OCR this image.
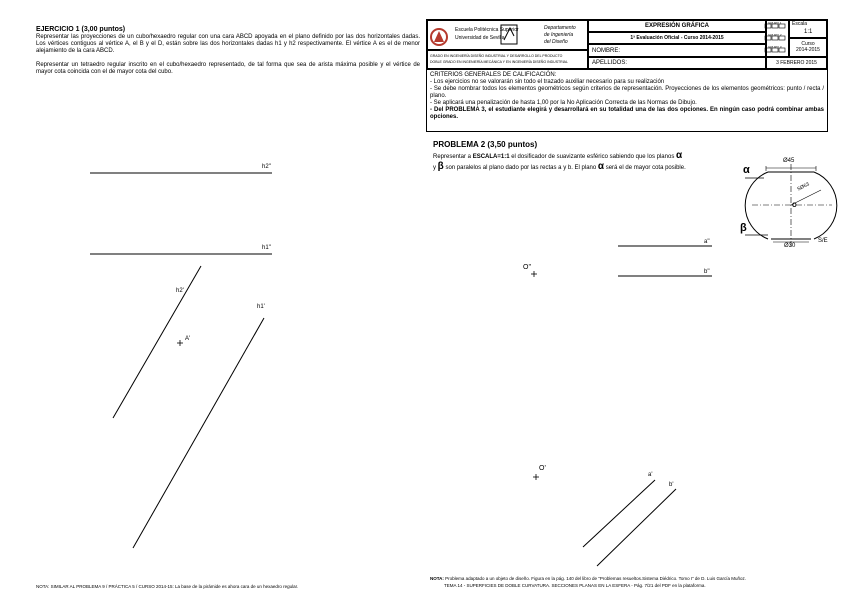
EJERCICIO 1 (3,00 puntos)

Representar las proyecciones de un cubo/hexaedro regular con una cara ABCD apoyada en el plano definido por las dos horizontales dadas. Los vértices contiguos al vértice A, el B y el D, están sobre las dos horizontales dadas h1 y h2 respectivamente. El vértice A es el de menor alejamiento de la cara ABCD.

Representar un tetraedro regular inscrito en el cubo/hexaedro representado, de tal forma que sea de arista máxima posible y el vértice de mayor cota coincida con el de mayor cota del cubo.

h2''
h1''
h2'
h1'
A'
NOTA: SIMILAR AL PROBLEMA 9 / PRÁCTICA 5 / CURSO 2014-15: La base de la pirámide es ahora cara de un hexaedro regular.
Escuela Politécnica Superior
Universidad de Sevilla
Departamento
de Ingeniería
del Diseño
EXPRESIÓN GRÁFICA
1ª Evaluación Oficial - Curso 2014-2015
NOMBRE:
GRADO EN INGENIERÍA DISEÑO INDUSTRIAL Y DESARROLLO DEL PRODUCTO
DOBLE GRADO EN INGENIERÍA MECÁNICA Y EN INGENIERÍA DISEÑO INDUSTRIAL	APELLIDOS:
GRUPO 1
GRUPO 2
GRUPO 3
Escala
1:1
Curso
2014-2015
3 FEBRERO 2015

CRITERIOS GENERALES DE CALIFICACIÓN:

- Los ejercicios no se valorarán sin todo el trazado auxiliar necesario para su realización

- Se debe nombrar todos los elementos geométricos según criterios de representación. Proyecciones de los elementos geométricos: punto / recta / plano.

- Se aplicará una penalización de hasta 1,00 por la No Aplicación Correcta de las Normas de Dibujo.

- Del PROBLEMA 3, el estudiante elegirá y desarrollará en su totalidad una de las dos opciones. En ningún caso podrá combinar ambas opciones.

PROBLEMA 2 (3,50 puntos)

Representar a ESCALA=1:1 el dosificador de suavizante esférico sabiendo que los planos α
y β son paralelos al plano dado por las rectas a y b. El plano α será el de mayor cota posible.

a''
b''
O''
O'
a'
b'
Ø45
SØ63
Ø30
α
β
O
S/E
NOTA: Problema adaptado a un objeto de diseño. Figura en la pág. 140 del libro de "Problemas resueltos.Sistema Diédrico. Tomo I" de D. Luis García Muñoz.
TEMA 14 - SUPERFICIES DE DOBLE CURVATURA. SECCIONES PLANAS EN LA ESFERA - Pág. 7/21 del PDF en la plataforma.
